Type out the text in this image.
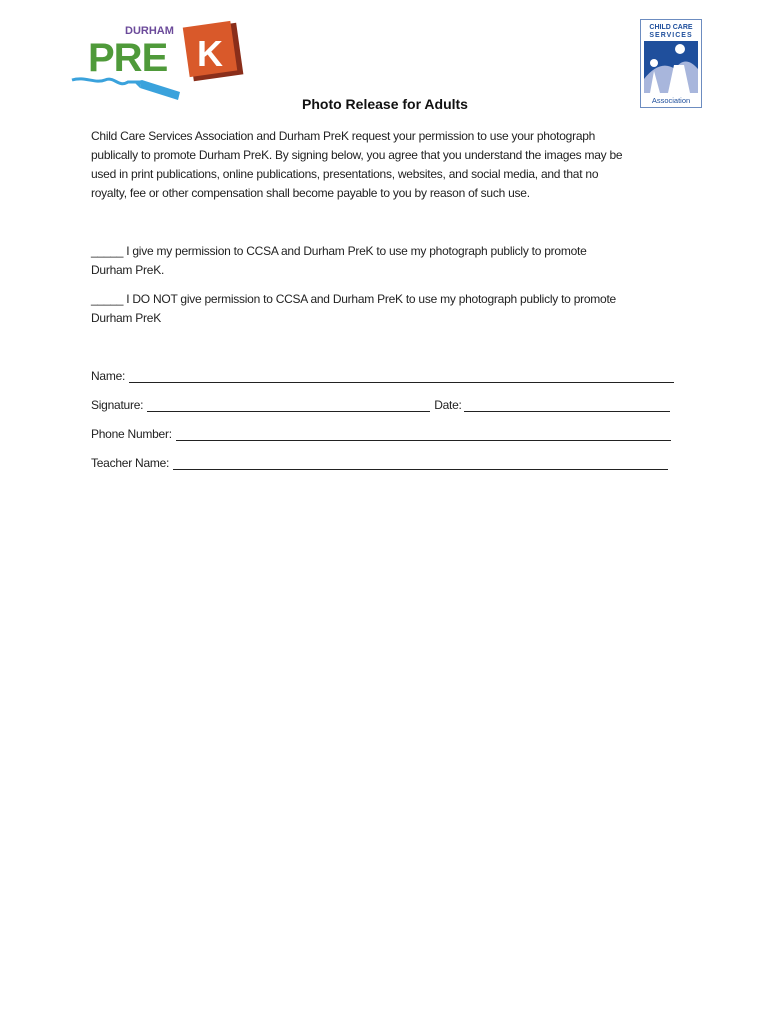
DURHAM
PRE K
CHILD CARE
SERVICES
Association
Photo Release for Adults
Child Care Services Association and Durham PreK request your permission to use your photograph
publically to promote Durham PreK. By signing below, you agree that you understand the images may be
used in print publications, online publications, presentations, websites, and social media, and that no
royalty, fee or other compensation shall become payable to you by reason of such use.
_____ I give my permission to CCSA and Durham PreK to use my photograph publicly to promote
Durham PreK.
_____ I DO NOT give permission to CCSA and Durham PreK to use my photograph publicly to promote
Durham PreK
Name:
Signature:	Date:
Phone Number:
Teacher Name:
